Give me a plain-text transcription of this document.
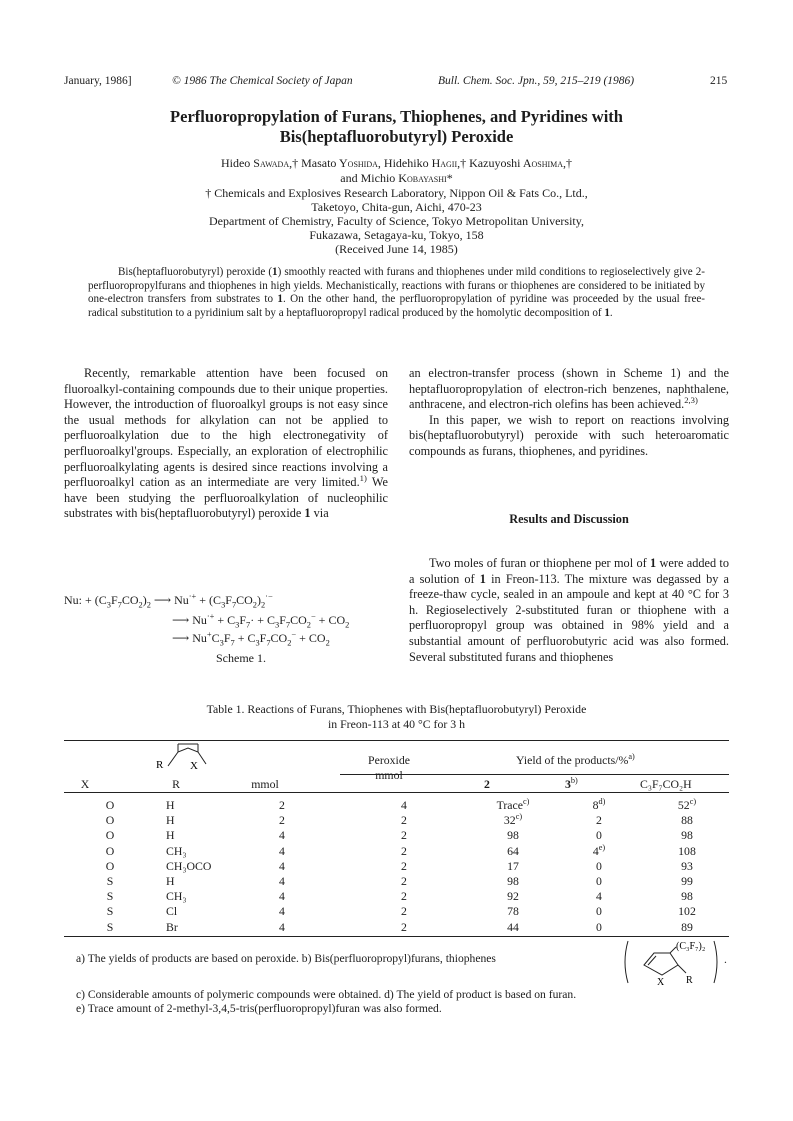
January, 1986]	© 1986 The Chemical Society of Japan	Bull. Chem. Soc. Jpn., 59, 215–219 (1986)	215
Perfluoropropylation of Furans, Thiophenes, and Pyridines with
Bis(heptafluorobutyryl) Peroxide
Hideo Sawada,† Masato Yoshida, Hidehiko Hagii,† Kazuyoshi Aoshima,†
and Michio Kobayashi*
† Chemicals and Explosives Research Laboratory, Nippon Oil & Fats Co., Ltd.,
Taketoyo, Chita-gun, Aichi, 470-23
Department of Chemistry, Faculty of Science, Tokyo Metropolitan University,
Fukazawa, Setagaya-ku, Tokyo, 158
(Received June 14, 1985)
Bis(heptafluorobutyryl) peroxide (1) smoothly reacted with furans and thiophenes under mild conditions to regioselectively give 2-perfluoropropylfurans and thiophenes in high yields. Mechanistically, reactions with furans or thiophenes are considered to be initiated by one-electron transfers from substrates to 1. On the other hand, the perfluoropropylation of pyridine was proceeded by the usual free-radical substitution to a pyridinium salt by a heptafluoropropyl radical produced by the homolytic decomposition of 1.

Recently, remarkable attention have been focused on fluoroalkyl-containing compounds due to their unique properties. However, the introduction of fluoroalkyl groups is not easy since the usual methods for alkylation can not be applied to perfluoroalkylation due to the high electronegativity of perfluoroalkyl'groups. Especially, an exploration of electrophilic perfluoroalkylating agents is desired since reactions involving a perfluoroalkyl cation as an intermediate are very limited.$^{1)}$ We have been studying the perfluoroalkylation of nucleophilic substrates with bis(heptafluorobutyryl) peroxide 1 via

Nu: + $(C_3F_7CO_2)_2$ ⟶ $Nu^{\cdot+} + (C_3F_7CO_2)_2^{\cdot-}$
⟶ $Nu^{\cdot+} + C_3F_7\cdot + C_3F_7CO_2^- + CO_2$
⟶ $Nu^+C_3F_7 + C_3F_7CO_2^- + CO_2$
Scheme 1.

an electron-transfer process (shown in Scheme 1) and the heptafluoropropylation of electron-rich benzenes, naphthalene, anthracene, and electron-rich olefins has been achieved.$^{2,3)}$

In this paper, we wish to report on reactions involving bis(heptafluorobutyryl) peroxide with such heteroaromatic compounds as furans, thiophenes, and pyridines.

Results and Discussion

Two moles of furan or thiophene per mol of 1 were added to a solution of 1 in Freon-113. The mixture was degassed by a freeze-thaw cycle, sealed in an ampoule and kept at 40 °C for 3 h. Regioselectively 2-substituted furan or thiophene with a perfluoropropyl group was obtained in 98% yield and a substantial amount of perfluorobutyric acid was also formed. Several substituted furans and thiophenes

Table 1. Reactions of Furans, Thiophenes with Bis(heptafluorobutyryl) Peroxide
in Freon-113 at 40 °C for 3 h
R X	Peroxide
mmol
Yield of the products/%$^{a)}$
X	R	mmol	2	3$^{b)}$	C₃F₇CO₂H
O	H	2	4	Trace$^{c)}$	8$^{d)}$	52$^{c)}$
O	H	2	2	32$^{c)}$	2	88
O	H	4	2	98	0	98
O	CH₃	4	2	64	4$^{e)}$	108
O	CH₃OCO	4	2	17	0	93
S	H	4	2	98	0	99
S	CH₃	4	2	92	4	98
S	Cl	4	2	78	0	102
S	Br	4	2	44	0	89
a) The yields of products are based on peroxide. b) Bis(perfluoropropyl)furans, thiophenes
(C₃F₇)₂
X R
.
c) Considerable amounts of polymeric compounds were obtained. d) The yield of product is based on furan.
e) Trace amount of 2-methyl-3,4,5-tris(perfluoropropyl)furan was also formed.
